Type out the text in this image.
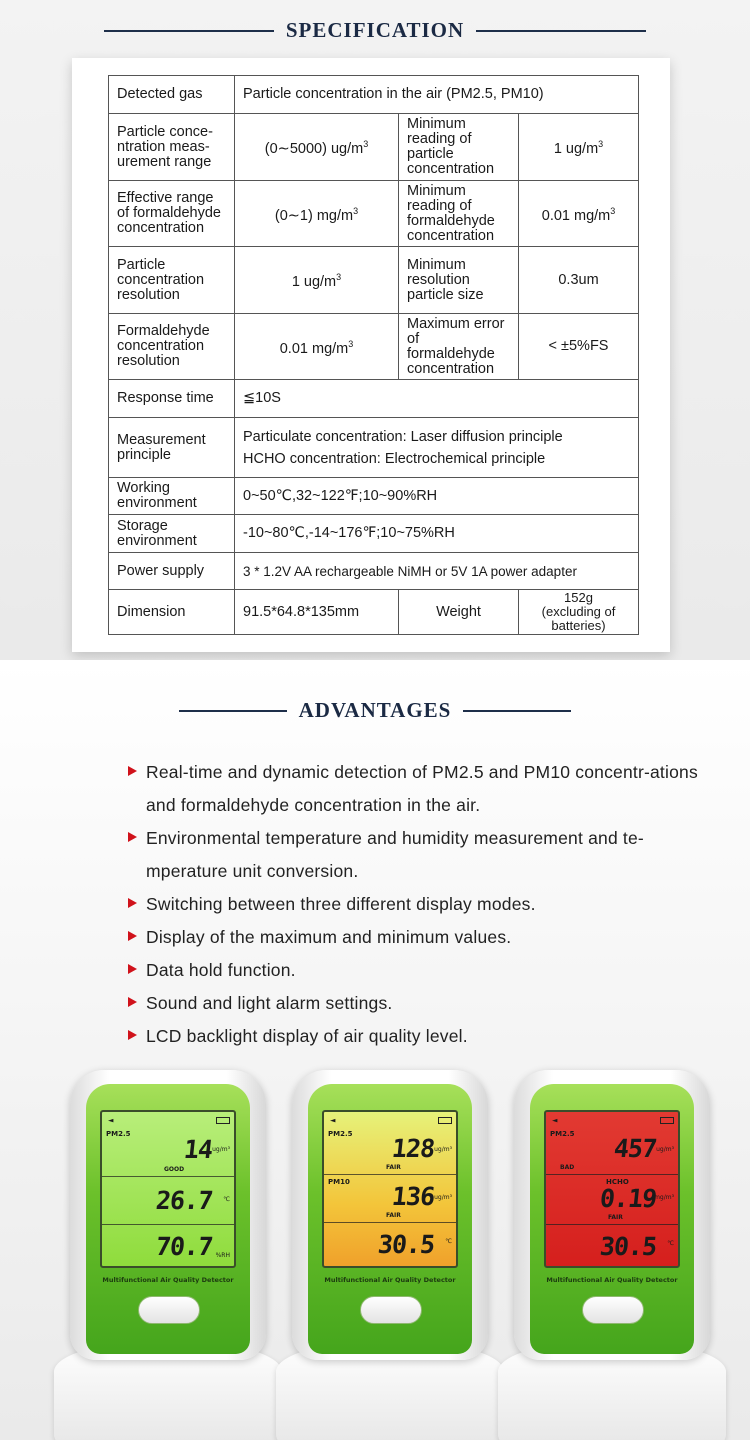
SPECIFICATION
Detected gas	Particle concentration in the air (PM2.5, PM10)		
Particle conce-ntration meas-urement range	(0∼5000) $ug/m^3$	Minimum reading of particle concentration	1 $ug/m^3$
Effective range of formaldehyde concentration	(0∼1) $mg/m^3$	Minimum reading of formaldehyde concentration	0.01 $mg/m^3$
Particle concentration resolution	1 $ug/m^3$	Minimum resolution particle size	0.3um
Formaldehyde concentration resolution	0.01 $mg/m^3$	Maximum error of formaldehyde concentration	< ±5%FS
Response time	≦10S		
Measurement principle	Particulate concentration: Laser diffusion principle
HCHO concentration: Electrochemical principle		

Working environment	0~50℃,32~122℉;10~90%RH		
Storage environment	-10~80℃,-14~176℉;10~75%RH		
Power supply	3 * 1.2V AA rechargeable NiMH or 5V 1A power adapter		
Dimension	91.5*64.8*135mm	Weight	152g
(excluding of batteries)
ADVANTAGES
Real-time and dynamic detection of PM2.5 and PM10 concentr-ations and formaldehyde concentration in the air.
Environmental temperature and humidity measurement and te-mperature unit conversion.
Switching between three different display modes.
Display of the maximum and minimum values.
Data hold function.
Sound and light alarm settings.
LCD backlight display of air quality level.
◄
PM2.5
14
ug/m³
GOOD
26.7 ℃
70.7 %RH
Multifunctional Air Quality Detector
◄
PM2.5 128
ug/m³
FAIR
PM10 136
ug/m³
FAIR
30.5 ℃
Multifunctional Air Quality Detector
◄
PM2.5 457
ug/m³
BAD
HCHO
0.19
mg/m³
FAIR
30.5 ℃
Multifunctional Air Quality Detector
